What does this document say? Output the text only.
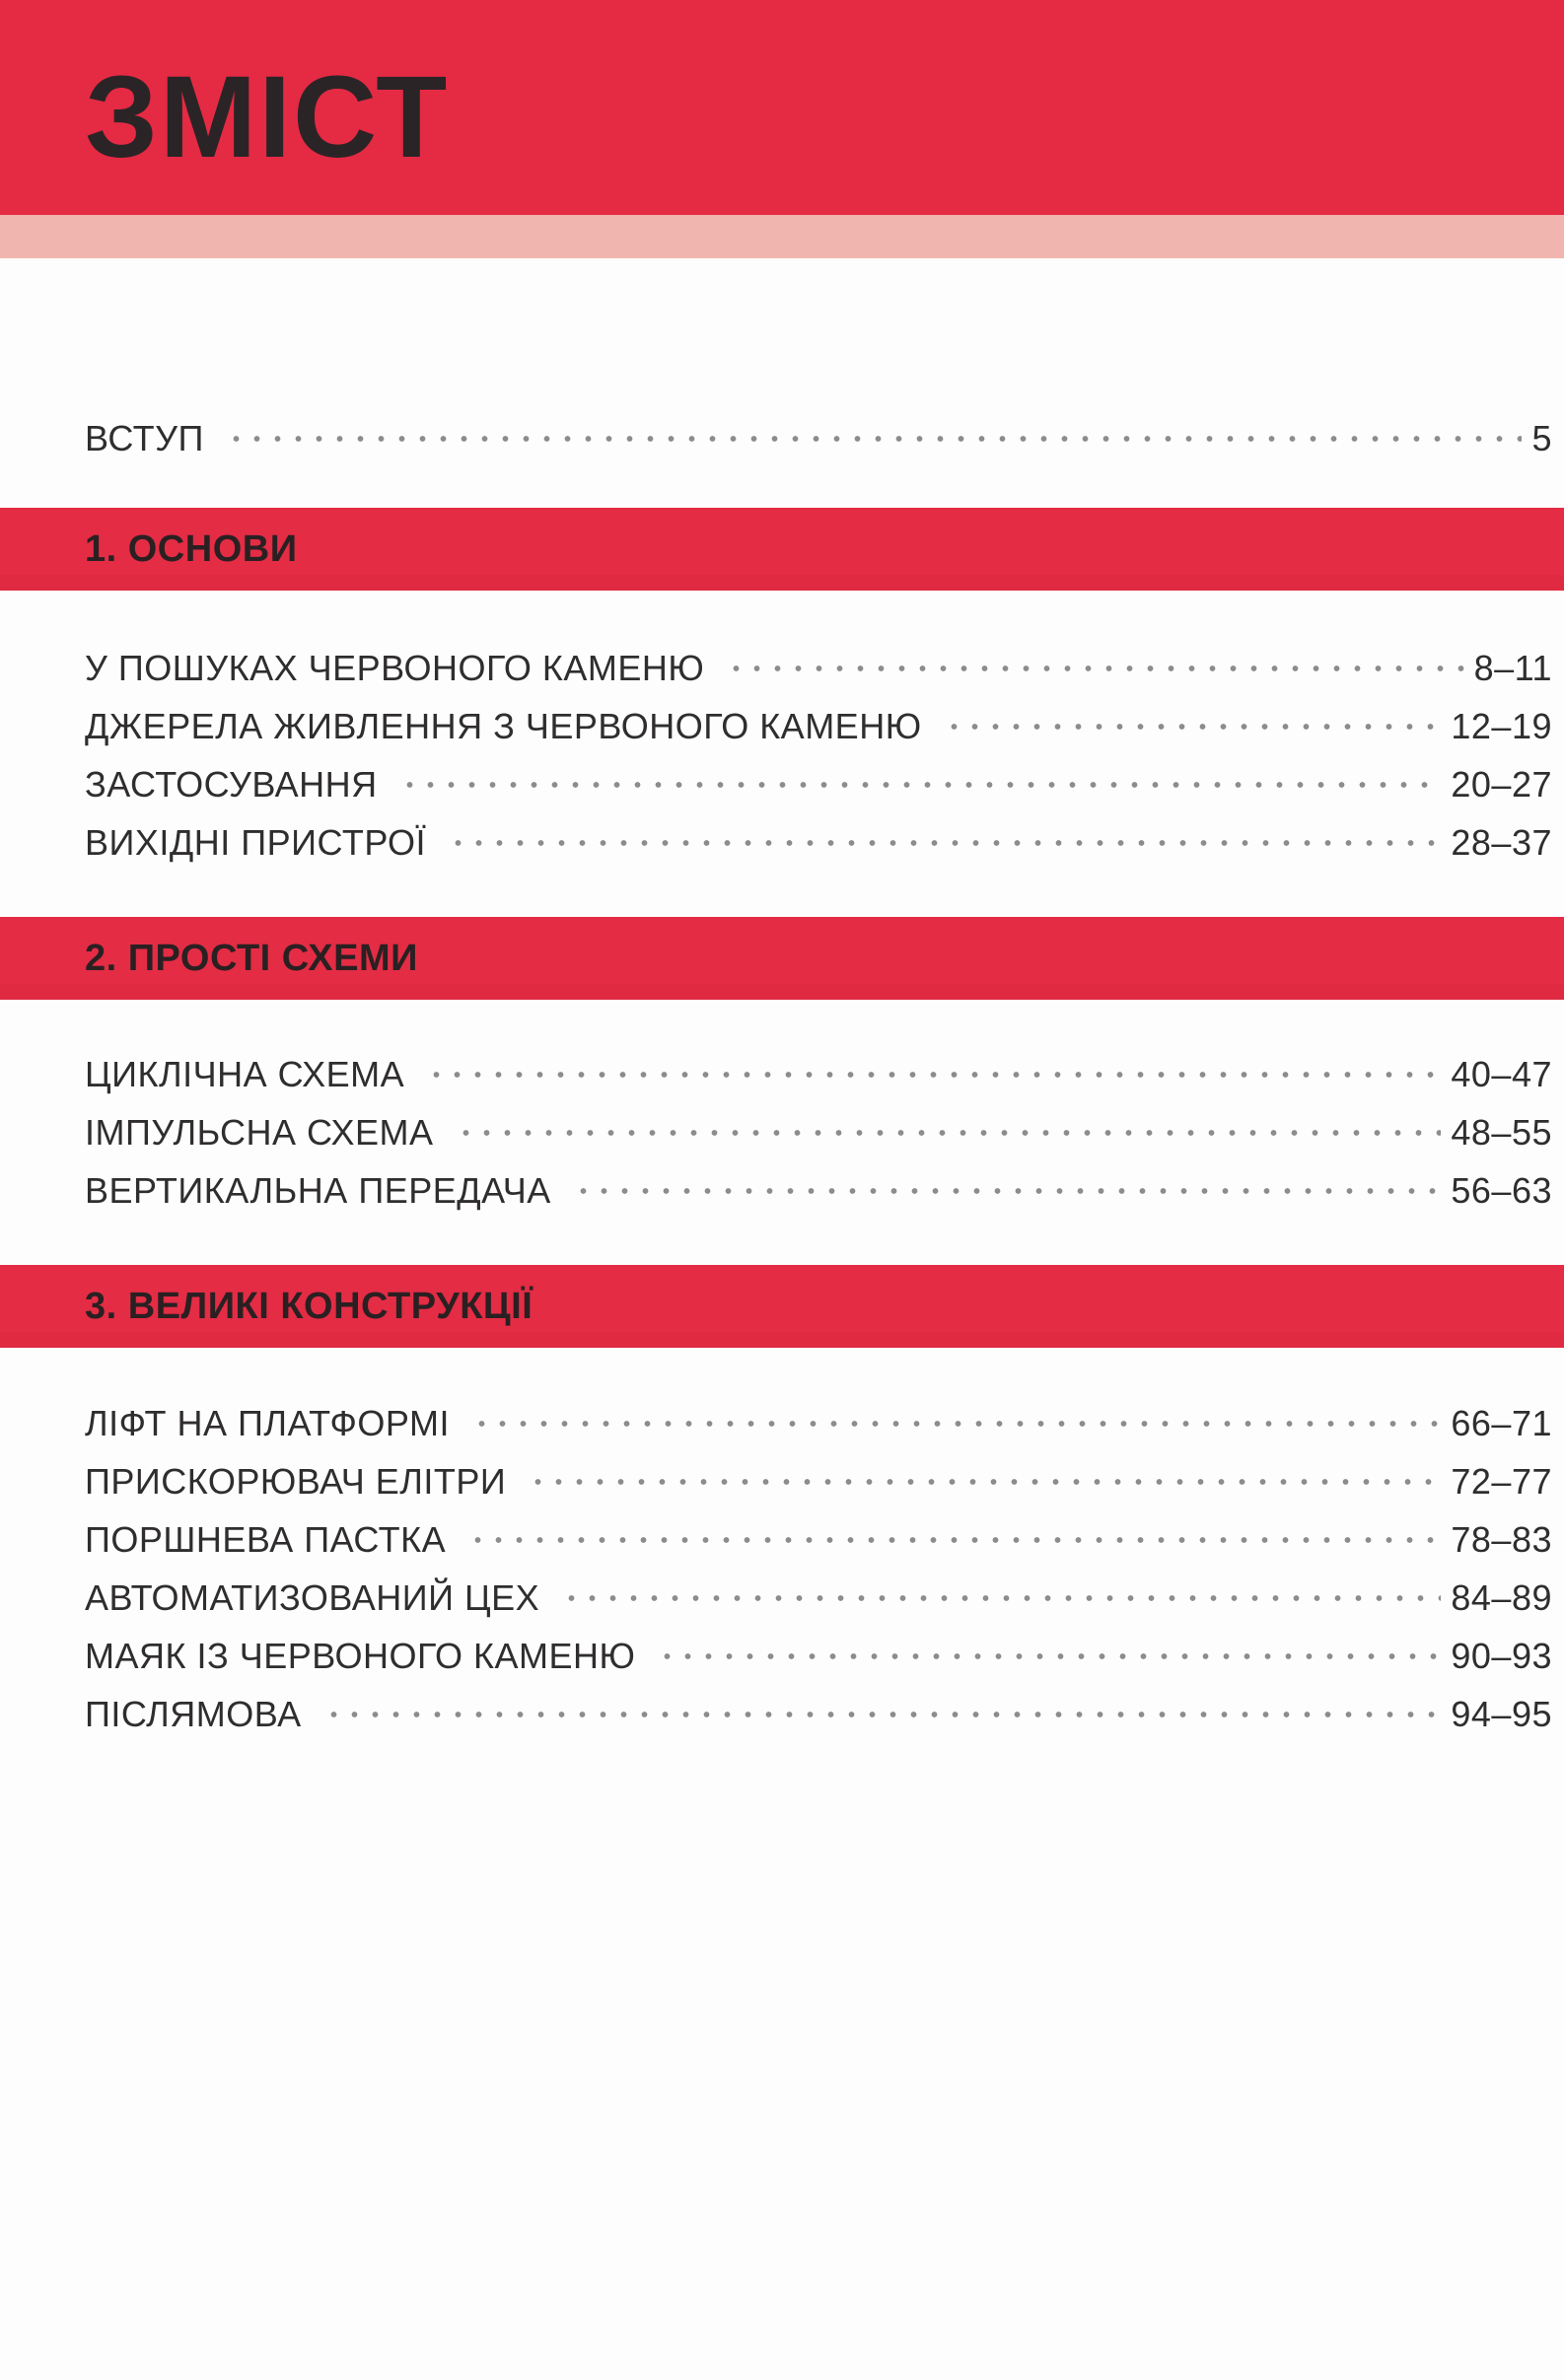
ЗМІСТ
ВСТУП	5
1. ОСНОВИ
У ПОШУКАХ ЧЕРВОНОГО КАМЕНЮ	8–11
ДЖЕРЕЛА ЖИВЛЕННЯ З ЧЕРВОНОГО КАМЕНЮ	12–19
ЗАСТОСУВАННЯ	20–27
ВИХІДНІ ПРИСТРОЇ	28–37
2. ПРОСТІ СХЕМИ
ЦИКЛІЧНА СХЕМА	40–47
ІМПУЛЬСНА СХЕМА	48–55
ВЕРТИКАЛЬНА ПЕРЕДАЧА	56–63
3. ВЕЛИКІ КОНСТРУКЦІЇ
ЛІФТ НА ПЛАТФОРМІ	66–71
ПРИСКОРЮВАЧ ЕЛІТРИ	72–77
ПОРШНЕВА ПАСТКА	78–83
АВТОМАТИЗОВАНИЙ ЦЕХ	84–89
МАЯК ІЗ ЧЕРВОНОГО КАМЕНЮ	90–93
ПІСЛЯМОВА	94–95
